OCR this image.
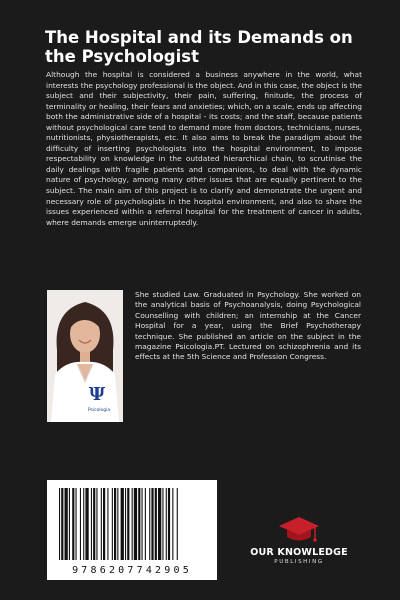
The Hospital and its Demands on the Psychologist

Although the hospital is considered a business anywhere in the world, what interests the psychology professional is the object. And in this case, the object is the subject and their subjectivity, their pain, suffering, finitude, the process of terminality or healing, their fears and anxieties; which, on a scale, ends up affecting both the administrative side of a hospital - its costs; and the staff, because patients without psychological care tend to demand more from doctors, technicians, nurses, nutritionists, physiotherapists, etc. It also aims to break the paradigm about the difficulty of inserting psychologists into the hospital environment, to impose respectability on knowledge in the outdated hierarchical chain, to scrutinise the daily dealings with fragile patients and companions, to deal with the dynamic nature of psychology, among many other issues that are equally pertinent to the subject. The main aim of this project is to clarify and demonstrate the urgent and necessary role of psychologists in the hospital environment, and also to share the issues experienced within a referral hospital for the treatment of cancer in adults, where demands emerge uninterruptedly.

Ψ
Psicologia

She studied Law. Graduated in Psychology. She worked on the analytical basis of Psychoanalysis, doing Psychological Counselling with children; an internship at the Cancer Hospital for a year, using the Brief Psychotherapy technique. She published an article on the subject in the magazine Psicologia.PT. Lectured on schizophrenia and its effects at the 5th Science and Profession Congress.

9786207742905
OUR KNOWLEDGE
PUBLISHING
